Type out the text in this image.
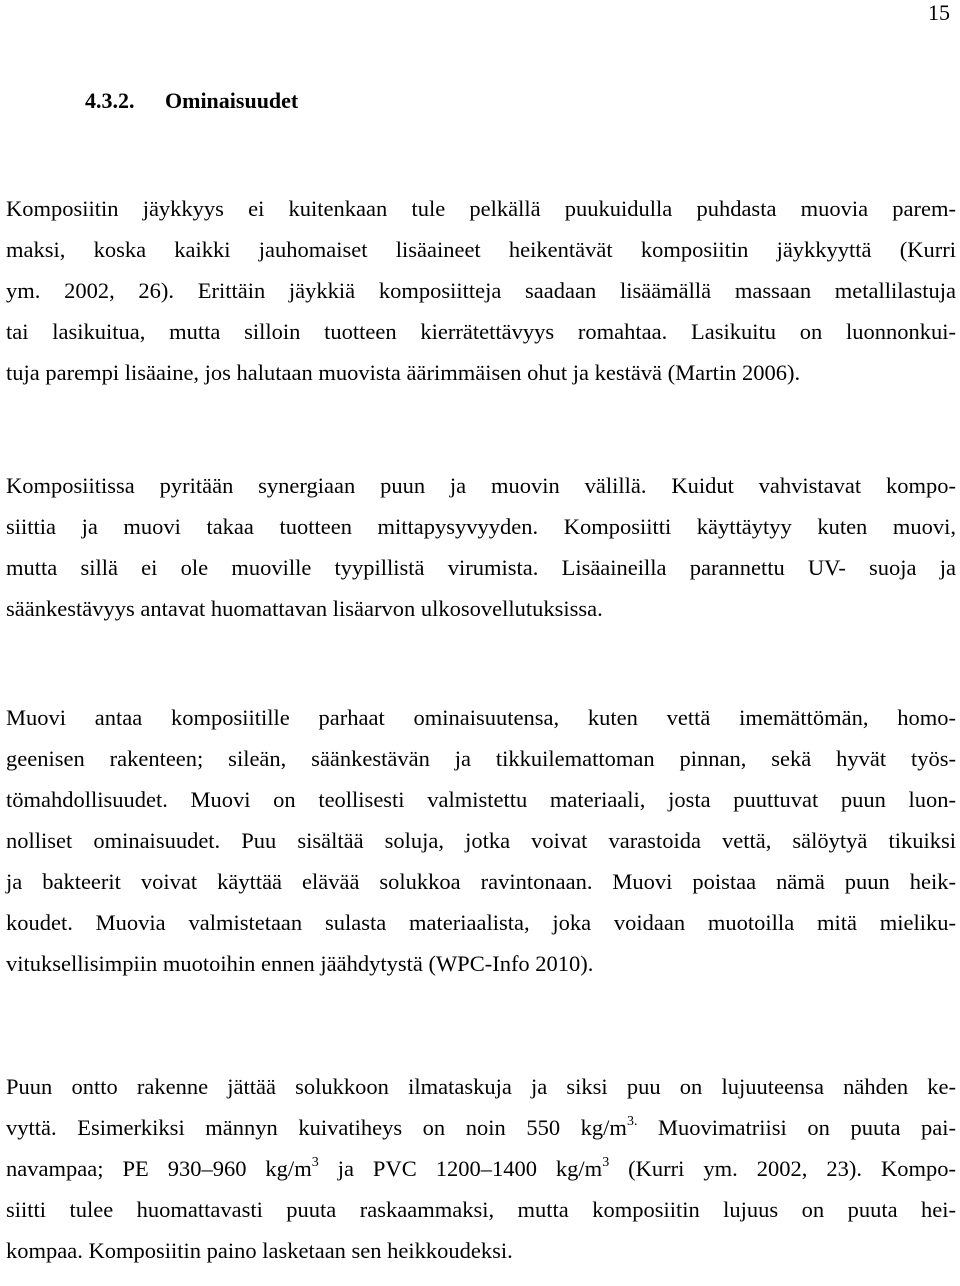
15
4.3.2. Ominaisuudet
Komposiitin jäykkyys ei kuitenkaan tule pelkällä puukuidulla puhdasta muovia parem-
maksi, koska kaikki jauhomaiset lisäaineet heikentävät komposiitin jäykkyyttä (Kurri
ym. 2002, 26). Erittäin jäykkiä komposiitteja saadaan lisäämällä massaan metallilastuja
tai lasikuitua, mutta silloin tuotteen kierrätettävyys romahtaa. Lasikuitu on luonnonkui-
tuja parempi lisäaine, jos halutaan muovista äärimmäisen ohut ja kestävä (Martin 2006).
Komposiitissa pyritään synergiaan puun ja muovin välillä. Kuidut vahvistavat kompo-
siittia ja muovi takaa tuotteen mittapysyvyyden. Komposiitti käyttäytyy kuten muovi,
mutta sillä ei ole muoville tyypillistä virumista. Lisäaineilla parannettu UV- suoja ja
säänkestävyys antavat huomattavan lisäarvon ulkosovellutuksissa.
Muovi antaa komposiitille parhaat ominaisuutensa, kuten vettä imemättömän, homo-
geenisen rakenteen; sileän, säänkestävän ja tikkuilemattoman pinnan, sekä hyvät työs-
tömahdollisuudet. Muovi on teollisesti valmistettu materiaali, josta puuttuvat puun luon-
nolliset ominaisuudet. Puu sisältää soluja, jotka voivat varastoida vettä, sälöytyä tikuiksi
ja bakteerit voivat käyttää elävää solukkoa ravintonaan. Muovi poistaa nämä puun heik-
koudet. Muovia valmistetaan sulasta materiaalista, joka voidaan muotoilla mitä mieliku-
vituksellisimpiin muotoihin ennen jäähdytystä (WPC-Info 2010).
Puun ontto rakenne jättää solukkoon ilmataskuja ja siksi puu on lujuuteensa nähden ke-
vyttä. Esimerkiksi männyn kuivatiheys on noin 550 $kg/m^{3.}$ Muovimatriisi on puuta pai-
navampaa; PE 930–960 $kg/m^3$ ja PVC 1200–1400 $kg/m^3$ (Kurri ym. 2002, 23). Kompo-
siitti tulee huomattavasti puuta raskaammaksi, mutta komposiitin lujuus on puuta hei-
kompaa. Komposiitin paino lasketaan sen heikkoudeksi.
